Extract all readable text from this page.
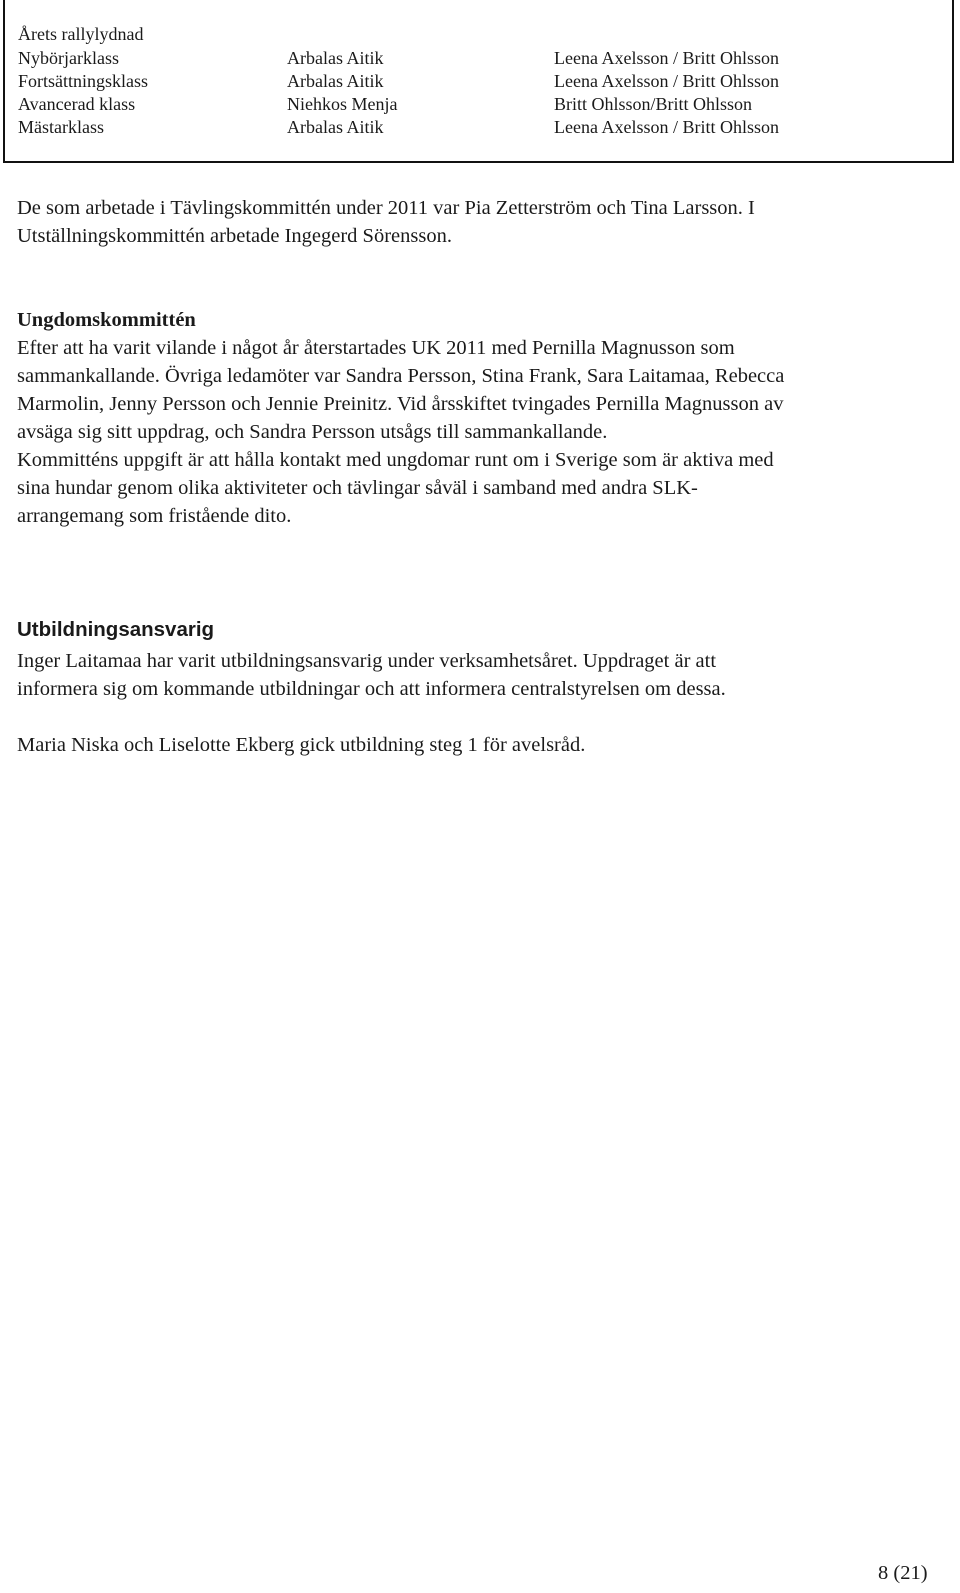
Årets rallylydnad
Nybörjarklass	Arbalas Aitik	Leena Axelsson / Britt Ohlsson
Fortsättningsklass	Arbalas Aitik	Leena Axelsson / Britt Ohlsson
Avancerad klass	Niehkos Menja	Britt Ohlsson/Britt Ohlsson
Mästarklass	Arbalas Aitik	Leena Axelsson / Britt Ohlsson
De som arbetade i Tävlingskommittén under 2011 var Pia Zetterström och Tina Larsson. I
Utställningskommittén arbetade Ingegerd Sörensson.
Ungdomskommittén
Efter att ha varit vilande i något år återstartades UK 2011 med Pernilla Magnusson som
sammankallande. Övriga ledamöter var Sandra Persson, Stina Frank, Sara Laitamaa, Rebecca
Marmolin, Jenny Persson och Jennie Preinitz. Vid årsskiftet tvingades Pernilla Magnusson av
avsäga sig sitt uppdrag, och Sandra Persson utsågs till sammankallande.
Kommitténs uppgift är att hålla kontakt med ungdomar runt om i Sverige som är aktiva med
sina hundar genom olika aktiviteter och tävlingar såväl i samband med andra SLK-
arrangemang som fristående dito.
Utbildningsansvarig
Inger Laitamaa har varit utbildningsansvarig under verksamhetsåret. Uppdraget är att
informera sig om kommande utbildningar och att informera centralstyrelsen om dessa.
Maria Niska och Liselotte Ekberg gick utbildning steg 1 för avelsråd.
8 (21)
